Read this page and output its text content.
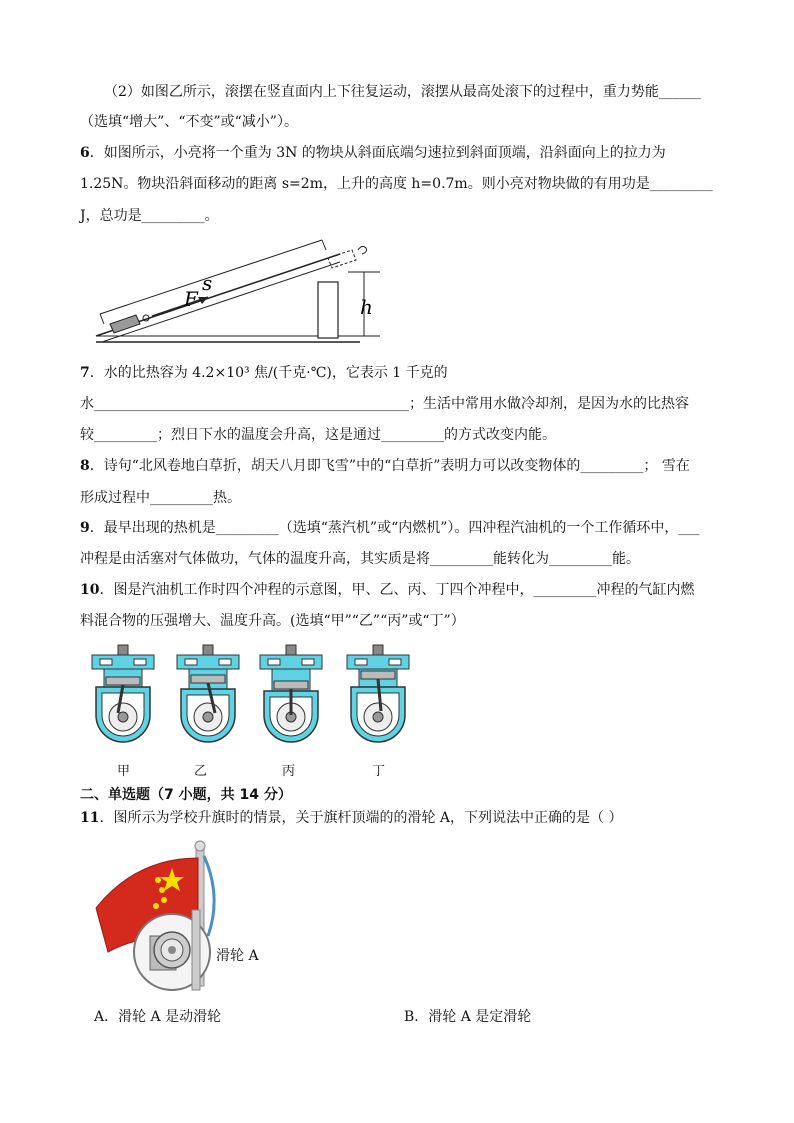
（2）如图乙所示，滚摆在竖直面内上下往复运动，滚摆从最高处滚下的过程中，重力势能______
（选填“增大”、“不变”或“减小”）。
6．如图所示，小亮将一个重为 3N 的物块从斜面底端匀速拉到斜面顶端，沿斜面向上的拉力为
1.25N。物块沿斜面移动的距离 s=2m，上升的高度 h=0.7m。则小亮对物块做的有用功是_________
J，总功是_________。
s
F	h
7．水的比热容为 4.2×10³ 焦/(千克·℃)，它表示 1 千克的
水_____________________________________________；生活中常用水做冷却剂，是因为水的比热容
较_________；烈日下水的温度会升高，这是通过_________的方式改变内能。
8．诗句“北风卷地白草折，胡天八月即飞雪”中的“白草折”表明力可以改变物体的_________； 雪在
形成过程中_________热。
9．最早出现的热机是_________（选填“蒸汽机”或“内燃机”）。四冲程汽油机的一个工作循环中，___
冲程是由活塞对气体做功，气体的温度升高，其实质是将_________能转化为_________能。
10．图是汽油机工作时四个冲程的示意图，甲、乙、丙、丁四个冲程中，_________冲程的气缸内燃
料混合物的压强增大、温度升高。(选填“甲”“乙”“丙”或“丁”）
甲	乙	丙	丁
二、单选题（7 小题，共 14 分）
11．图所示为学校升旗时的情景，关于旗杆顶端的的滑轮 A，下列说法中正确的是（ ）
滑轮 A
A．滑轮 A 是动滑轮	B．滑轮 A 是定滑轮
